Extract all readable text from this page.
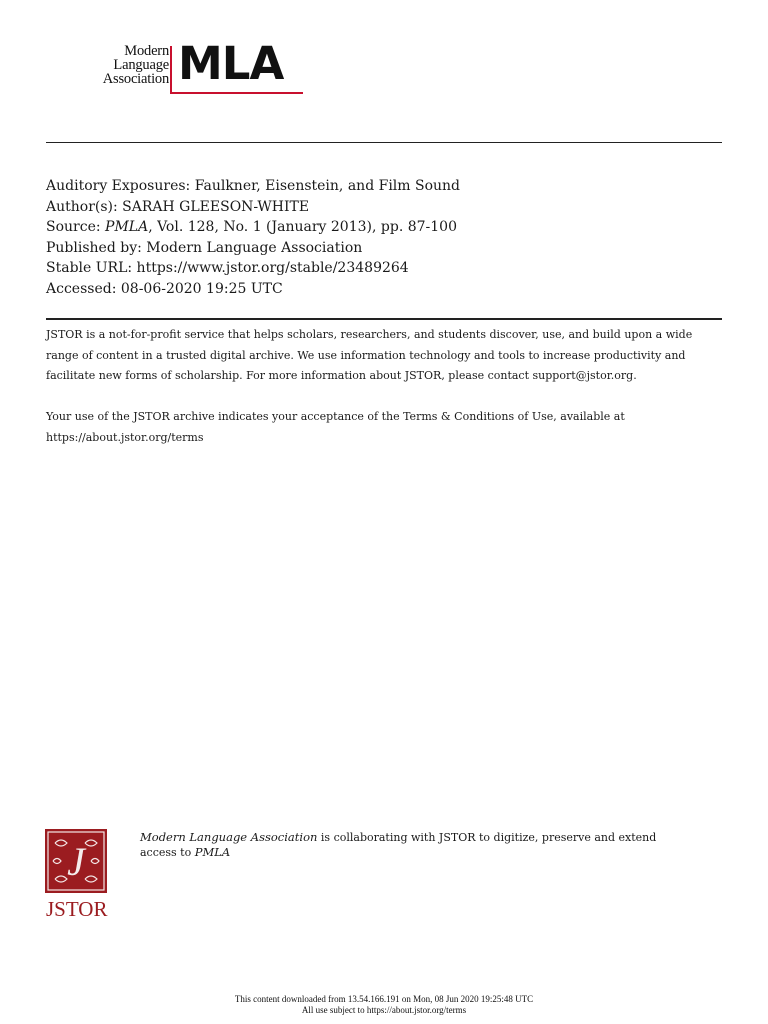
Modern
Language
Association MLA
Auditory Exposures: Faulkner, Eisenstein, and Film Sound
Author(s): SARAH GLEESON-WHITE
Source: PMLA, Vol. 128, No. 1 (January 2013), pp. 87-100
Published by: Modern Language Association
Stable URL: https://www.jstor.org/stable/23489264
Accessed: 08-06-2020 19:25 UTC
JSTOR is a not-for-profit service that helps scholars, researchers, and students discover, use, and build upon a wide
range of content in a trusted digital archive. We use information technology and tools to increase productivity and
facilitate new forms of scholarship. For more information about JSTOR, please contact support@jstor.org.
Your use of the JSTOR archive indicates your acceptance of the Terms & Conditions of Use, available at
https://about.jstor.org/terms
J
JSTOR
Modern Language Association is collaborating with JSTOR to digitize, preserve and extend
access to PMLA
This content downloaded from 13.54.166.191 on Mon, 08 Jun 2020 19:25:48 UTC
All use subject to https://about.jstor.org/terms
